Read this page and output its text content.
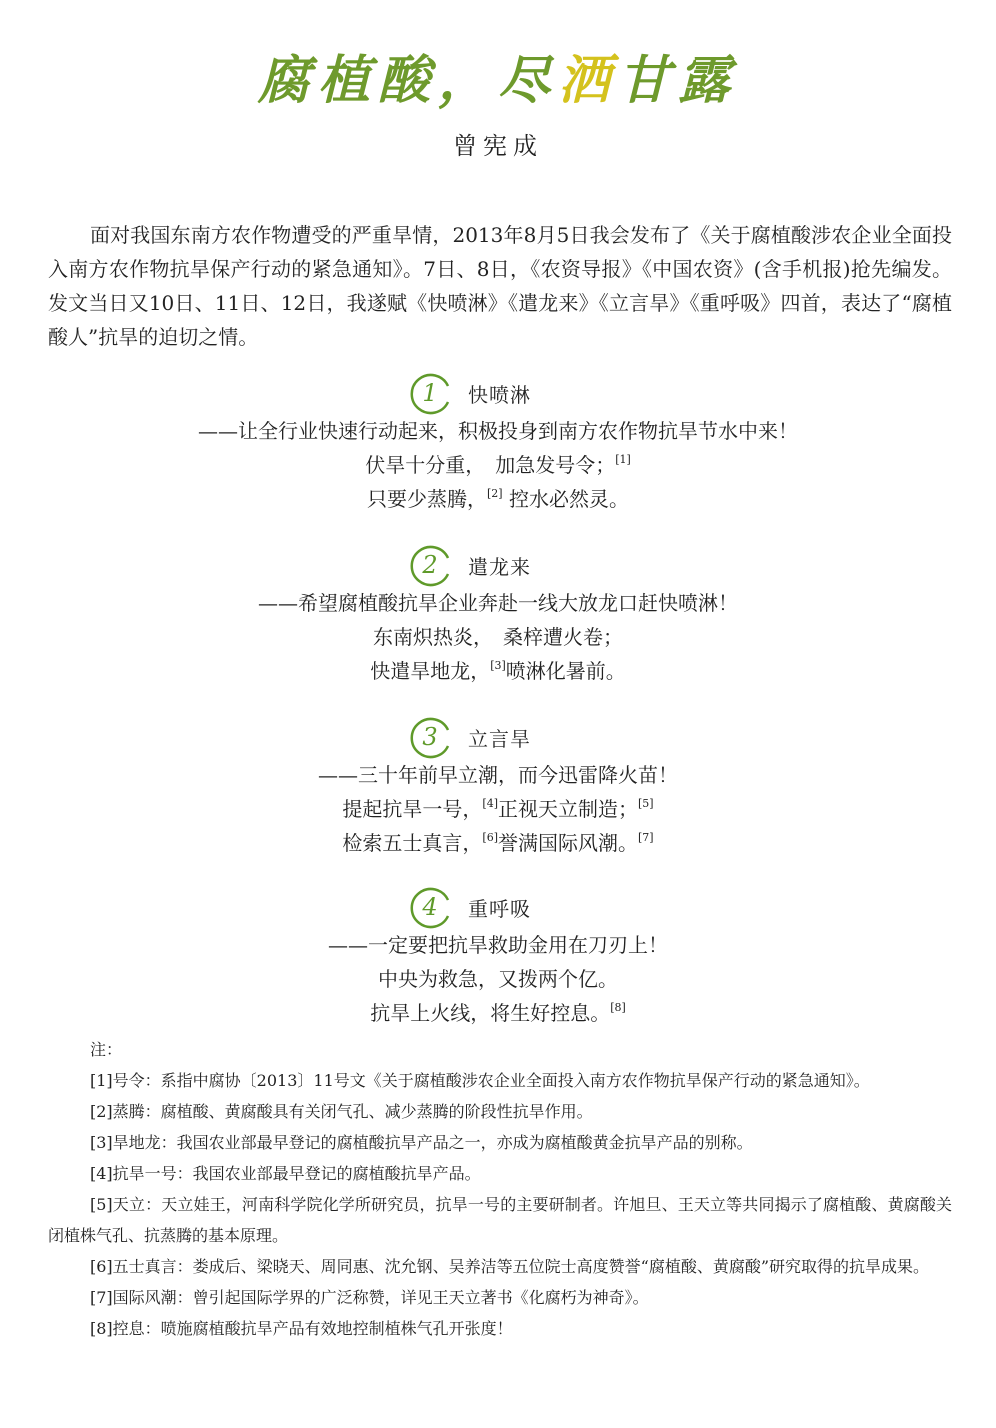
腐植酸，尽洒甘露
曾宪成

面对我国东南方农作物遭受的严重旱情，2013年8月5日我会发布了《关于腐植酸涉农企业全面投入南方农作物抗旱保产行动的紧急通知》。7日、8日，《农资导报》《中国农资》(含手机报)抢先编发。发文当日又10日、11日、12日，我遂赋《快喷淋》《遣龙来》《立言旱》《重呼吸》四首，表达了“腐植酸人”抗旱的迫切之情。

1 快喷淋
——让全行业快速行动起来，积极投身到南方农作物抗旱节水中来！
伏旱十分重，　加急发号令；[1]
只要少蒸腾，[2] 控水必然灵。
2 遣龙来
——希望腐植酸抗旱企业奔赴一线大放龙口赶快喷淋！
东南炽热炎，　桑梓遭火卷；
快遣旱地龙，[3]喷淋化暑前。
3 立言旱
——三十年前早立潮，而今迅雷降火苗！
提起抗旱一号，[4]正视天立制造；[5]
检索五士真言，[6]誉满国际风潮。[7]
4 重呼吸
——一定要把抗旱救助金用在刀刃上！
中央为救急，又拨两个亿。
抗旱上火线，将生好控息。[8]
注：

[1]号令：系指中腐协〔2013〕11号文《关于腐植酸涉农企业全面投入南方农作物抗旱保产行动的紧急通知》。

[2]蒸腾：腐植酸、黄腐酸具有关闭气孔、减少蒸腾的阶段性抗旱作用。

[3]旱地龙：我国农业部最早登记的腐植酸抗旱产品之一，亦成为腐植酸黄金抗旱产品的别称。

[4]抗旱一号：我国农业部最早登记的腐植酸抗旱产品。

[5]天立：天立娃王，河南科学院化学所研究员，抗旱一号的主要研制者。许旭旦、王天立等共同揭示了腐植酸、黄腐酸关闭植株气孔、抗蒸腾的基本原理。

[6]五士真言：娄成后、梁晓天、周同惠、沈允钢、吴养洁等五位院士高度赞誉“腐植酸、黄腐酸”研究取得的抗旱成果。

[7]国际风潮：曾引起国际学界的广泛称赞，详见王天立著书《化腐朽为神奇》。

[8]控息：喷施腐植酸抗旱产品有效地控制植株气孔开张度！
